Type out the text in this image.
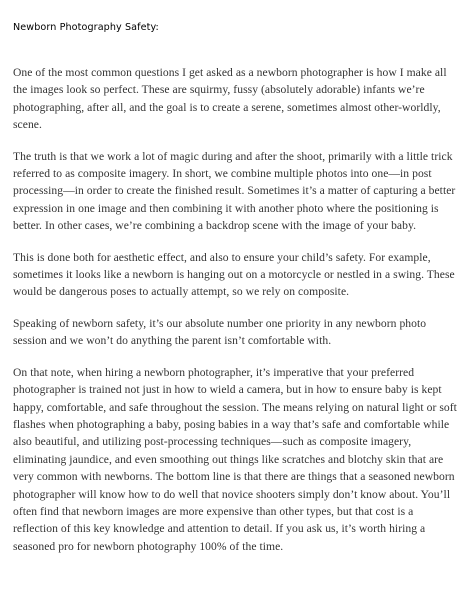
Newborn Photography Safety:

One of the most common questions I get asked as a newborn photographer is how I make all the images look so perfect. These are squirmy, fussy (absolutely adorable) infants we’re photographing, after all, and the goal is to create a serene, sometimes almost other-worldly, scene.

The truth is that we work a lot of magic during and after the shoot, primarily with a little trick referred to as composite imagery. In short, we combine multiple photos into one—in post processing—in order to create the finished result. Sometimes it’s a matter of capturing a better expression in one image and then combining it with another photo where the positioning is better. In other cases, we’re combining a backdrop scene with the image of your baby.

This is done both for aesthetic effect, and also to ensure your child’s safety. For example, sometimes it looks like a newborn is hanging out on a motorcycle or nestled in a swing. These would be dangerous poses to actually attempt, so we rely on composite.

Speaking of newborn safety, it’s our absolute number one priority in any newborn photo session and we won’t do anything the parent isn’t comfortable with.

On that note, when hiring a newborn photographer, it’s imperative that your preferred photographer is trained not just in how to wield a camera, but in how to ensure baby is kept happy, comfortable, and safe throughout the session. The means relying on natural light or soft flashes when photographing a baby, posing babies in a way that’s safe and comfortable while also beautiful, and utilizing post-processing techniques—such as composite imagery, eliminating jaundice, and even smoothing out things like scratches and blotchy skin that are very common with newborns. The bottom line is that there are things that a seasoned newborn photographer will know how to do well that novice shooters simply don’t know about. You’ll often find that newborn images are more expensive than other types, but that cost is a reflection of this key knowledge and attention to detail. If you ask us, it’s worth hiring a seasoned pro for newborn photography 100% of the time.
